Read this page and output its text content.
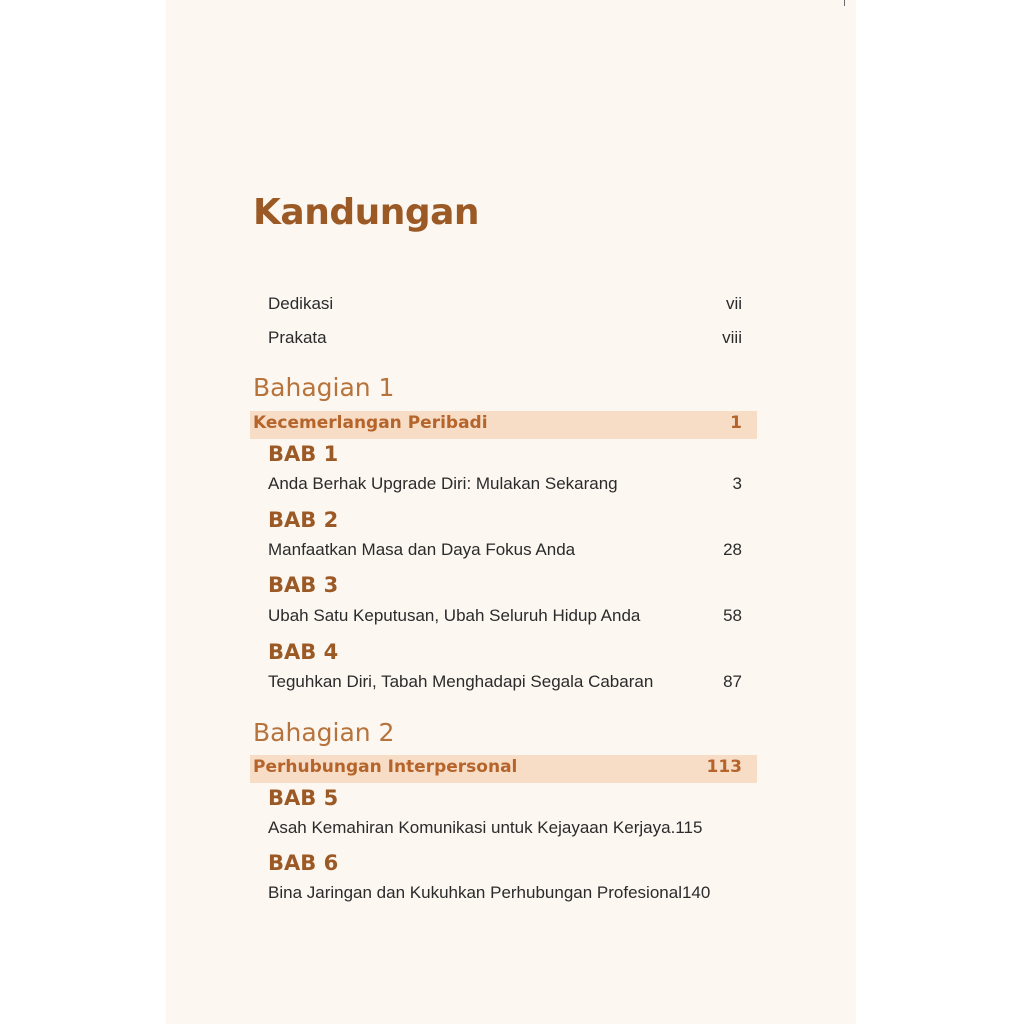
Kandungan
Dedikasi	vii
Prakata	viii
Bahagian 1
Kecemerlangan Peribadi	1
BAB 1
Anda Berhak Upgrade Diri: Mulakan Sekarang	3
BAB 2
Manfaatkan Masa dan Daya Fokus Anda	28
BAB 3
Ubah Satu Keputusan, Ubah Seluruh Hidup Anda	58
BAB 4
Teguhkan Diri, Tabah Menghadapi Segala Cabaran	87
Bahagian 2
Perhubungan Interpersonal	113
BAB 5
Asah Kemahiran Komunikasi untuk Kejayaan Kerjaya. 115
BAB 6
Bina Jaringan dan Kukuhkan Perhubungan Profesional 140
